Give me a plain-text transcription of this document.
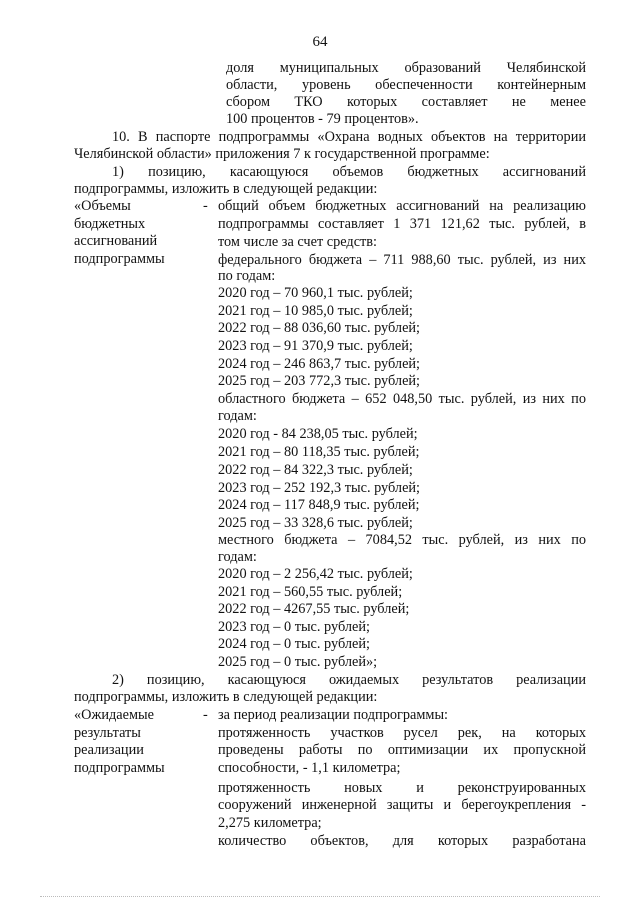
64
доля муниципальных образований Челябинской
области, уровень обеспеченности контейнерным
сбором ТКО которых составляет не менее
100 процентов - 79 процентов».
10. В паспорте подпрограммы «Охрана водных объектов на территории
Челябинской области» приложения 7 к государственной программе:
1) позицию, касающуюся объемов бюджетных ассигнований
подпрограммы, изложить в следующей редакции:
«Объемы
бюджетных
ассигнований
подпрограммы
- общий объем бюджетных ассигнований на реализацию
подпрограммы составляет 1 371 121,62 тыс. рублей, в
том числе за счет средств:
федерального бюджета – 711 988,60 тыс. рублей, из них
по годам:
2020 год – 70 960,1 тыс. рублей;
2021 год – 10 985,0 тыс. рублей;
2022 год – 88 036,60 тыс. рублей;
2023 год – 91 370,9 тыс. рублей;
2024 год – 246 863,7 тыс. рублей;
2025 год – 203 772,3 тыс. рублей;
областного бюджета – 652 048,50 тыс. рублей, из них по
годам:
2020 год - 84 238,05 тыс. рублей;
2021 год – 80 118,35 тыс. рублей;
2022 год – 84 322,3 тыс. рублей;
2023 год – 252 192,3 тыс. рублей;
2024 год – 117 848,9 тыс. рублей;
2025 год – 33 328,6 тыс. рублей;
местного бюджета – 7084,52 тыс. рублей, из них по
годам:
2020 год – 2 256,42 тыс. рублей;
2021 год – 560,55 тыс. рублей;
2022 год – 4267,55 тыс. рублей;
2023 год – 0 тыс. рублей;
2024 год – 0 тыс. рублей;
2025 год – 0 тыс. рублей»;
2) позицию, касающуюся ожидаемых результатов реализации
подпрограммы, изложить в следующей редакции:
«Ожидаемые
результаты
реализации
подпрограммы
- за период реализации подпрограммы:
протяженность участков русел рек, на которых
проведены работы по оптимизации их пропускной
способности, - 1,1 километра;
протяженность новых и реконструированных
сооружений инженерной защиты и берегоукрепления -
2,275 километра;
количество объектов, для которых разработана
